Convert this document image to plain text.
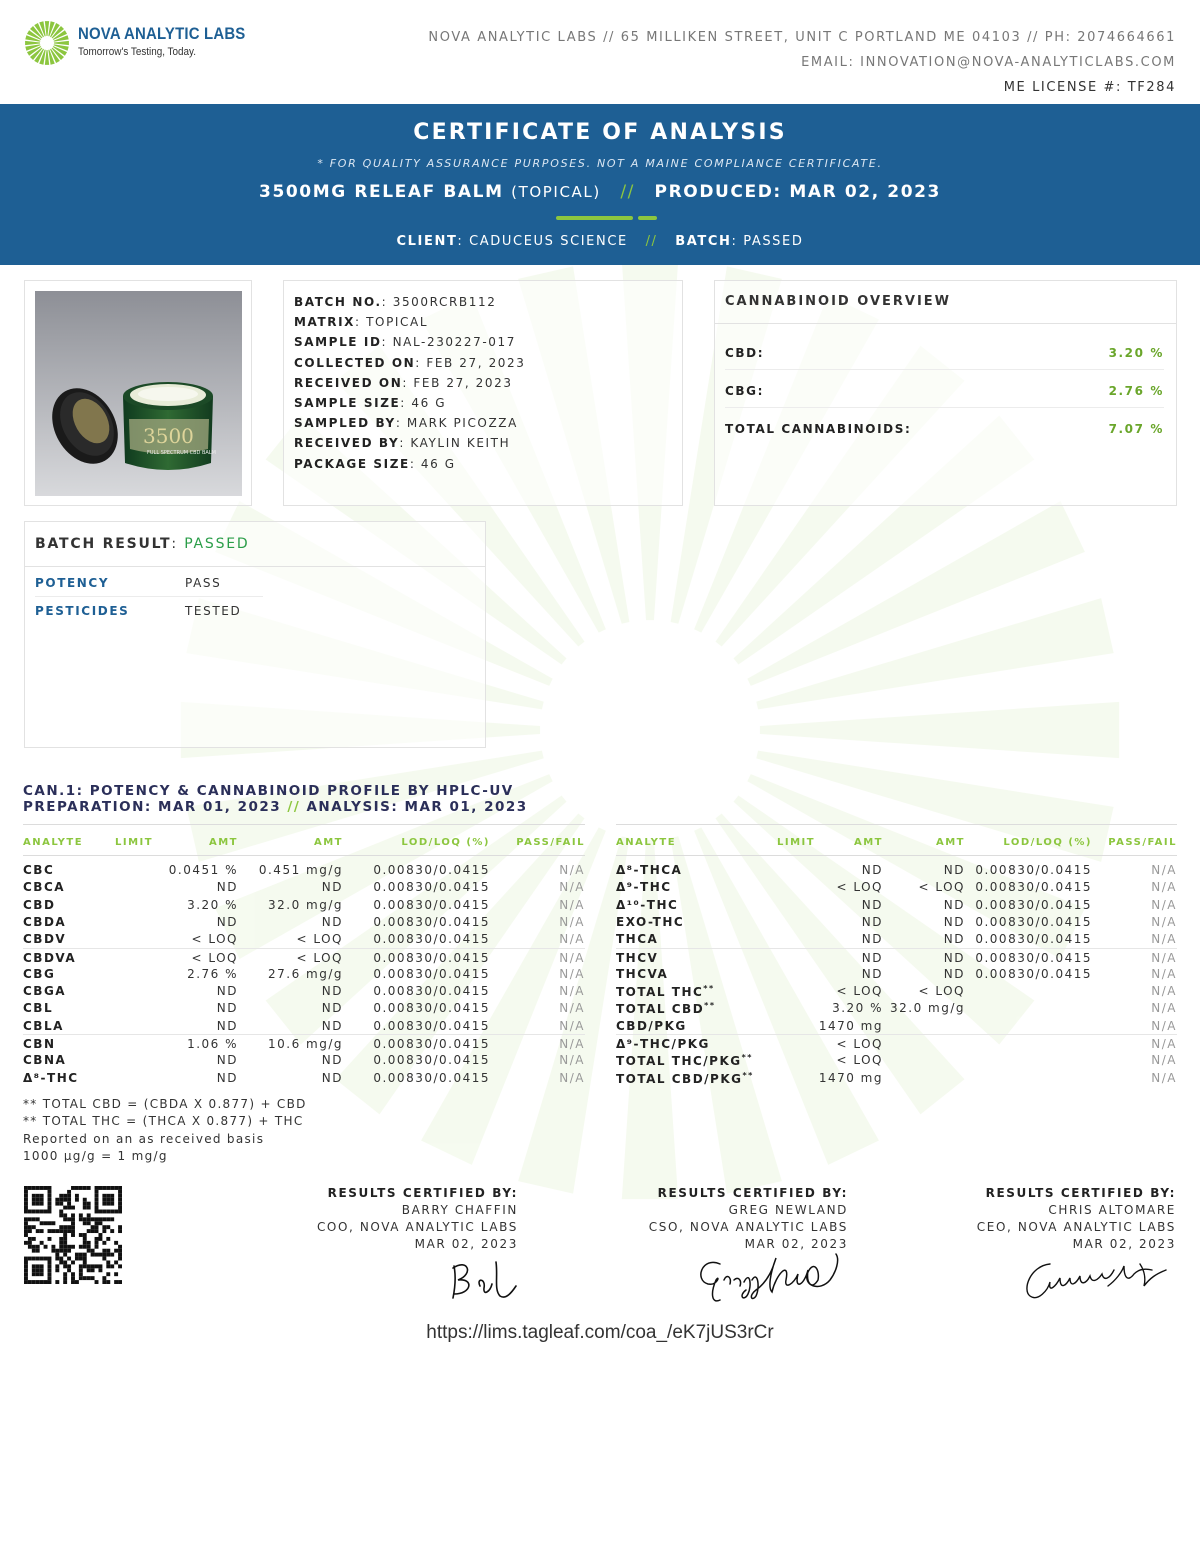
NOVA ANALYTIC LABS
Tomorrow's Testing, Today.
NOVA ANALYTIC LABS // 65 MILLIKEN STREET, UNIT C PORTLAND ME 04103 // PH: 2074664661
EMAIL: INNOVATION@NOVA-ANALYTICLABS.COM
ME LICENSE #: TF284
CERTIFICATE OF ANALYSIS
* FOR QUALITY ASSURANCE PURPOSES. NOT A MAINE COMPLIANCE CERTIFICATE.
3500MG RELEAF BALM (TOPICAL) // PRODUCED: MAR 02, 2023
CLIENT: CADUCEUS SCIENCE // BATCH: PASSED
3500
FULL SPECTRUM CBD BALM
BATCH NO.: 3500RCRB112
MATRIX: TOPICAL
SAMPLE ID: NAL-230227-017
COLLECTED ON: FEB 27, 2023
RECEIVED ON: FEB 27, 2023
SAMPLE SIZE: 46 G
SAMPLED BY: MARK PICOZZA
RECEIVED BY: KAYLIN KEITH
PACKAGE SIZE: 46 G
CANNABINOID OVERVIEW
CBD:	3.20 %
CBG:	2.76 %
TOTAL CANNABINOIDS:	7.07 %
BATCH RESULT: PASSED
POTENCY	PASS
PESTICIDES	TESTED
CAN.1: POTENCY & CANNABINOID PROFILE BY HPLC-UV
PREPARATION: MAR 01, 2023 // ANALYSIS: MAR 01, 2023
ANALYTE	LIMIT	AMT	AMT	LOD/LOQ (%)	PASS/FAIL
CBC	0.0451 % 0.451 mg/g	0.00830/0.0415	N/A
CBCA	ND	ND	0.00830/0.0415	N/A
CBD	3.20 %	32.0 mg/g	0.00830/0.0415	N/A
CBDA	ND	ND	0.00830/0.0415	N/A
CBDV	< LOQ	< LOQ	0.00830/0.0415	N/A
CBDVA	< LOQ	< LOQ	0.00830/0.0415	N/A
CBG	2.76 %	27.6 mg/g	0.00830/0.0415	N/A
CBGA	ND	ND	0.00830/0.0415	N/A
CBL	ND	ND	0.00830/0.0415	N/A
CBLA	ND	ND	0.00830/0.0415	N/A
CBN	1.06 %	10.6 mg/g	0.00830/0.0415	N/A
CBNA	ND	ND	0.00830/0.0415	N/A
Δ⁸-THC	ND	ND	0.00830/0.0415	N/A
ANALYTE	LIMIT	AMT	AMT	LOD/LOQ (%) PASS/FAIL
Δ⁸-THCA	ND	ND 0.00830/0.0415	N/A
Δ⁹-THC	< LOQ	< LOQ 0.00830/0.0415	N/A
Δ¹⁰-THC	ND	ND 0.00830/0.0415	N/A
EXO-THC	ND	ND 0.00830/0.0415	N/A
THCA	ND	ND 0.00830/0.0415	N/A
THCV	ND	ND 0.00830/0.0415	N/A
THCVA	ND	ND 0.00830/0.0415	N/A
TOTAL THC**	< LOQ	< LOQ	N/A
TOTAL CBD**	3.20 % 32.0 mg/g	N/A
CBD/PKG	1470 mg	N/A
Δ⁹-THC/PKG	< LOQ	N/A
TOTAL THC/PKG**	< LOQ	N/A
TOTAL CBD/PKG**	1470 mg	N/A
** TOTAL CBD = (CBDA X 0.877) + CBD
** TOTAL THC = (THCA X 0.877) + THC
Reported on an as received basis
1000 µg/g = 1 mg/g
RESULTS CERTIFIED BY:
BARRY CHAFFIN
COO, NOVA ANALYTIC LABS
MAR 02, 2023
RESULTS CERTIFIED BY:
GREG NEWLAND
CSO, NOVA ANALYTIC LABS
MAR 02, 2023
RESULTS CERTIFIED BY:
CHRIS ALTOMARE
CEO, NOVA ANALYTIC LABS
MAR 02, 2023
https://lims.tagleaf.com/coa_/eK7jUS3rCr
